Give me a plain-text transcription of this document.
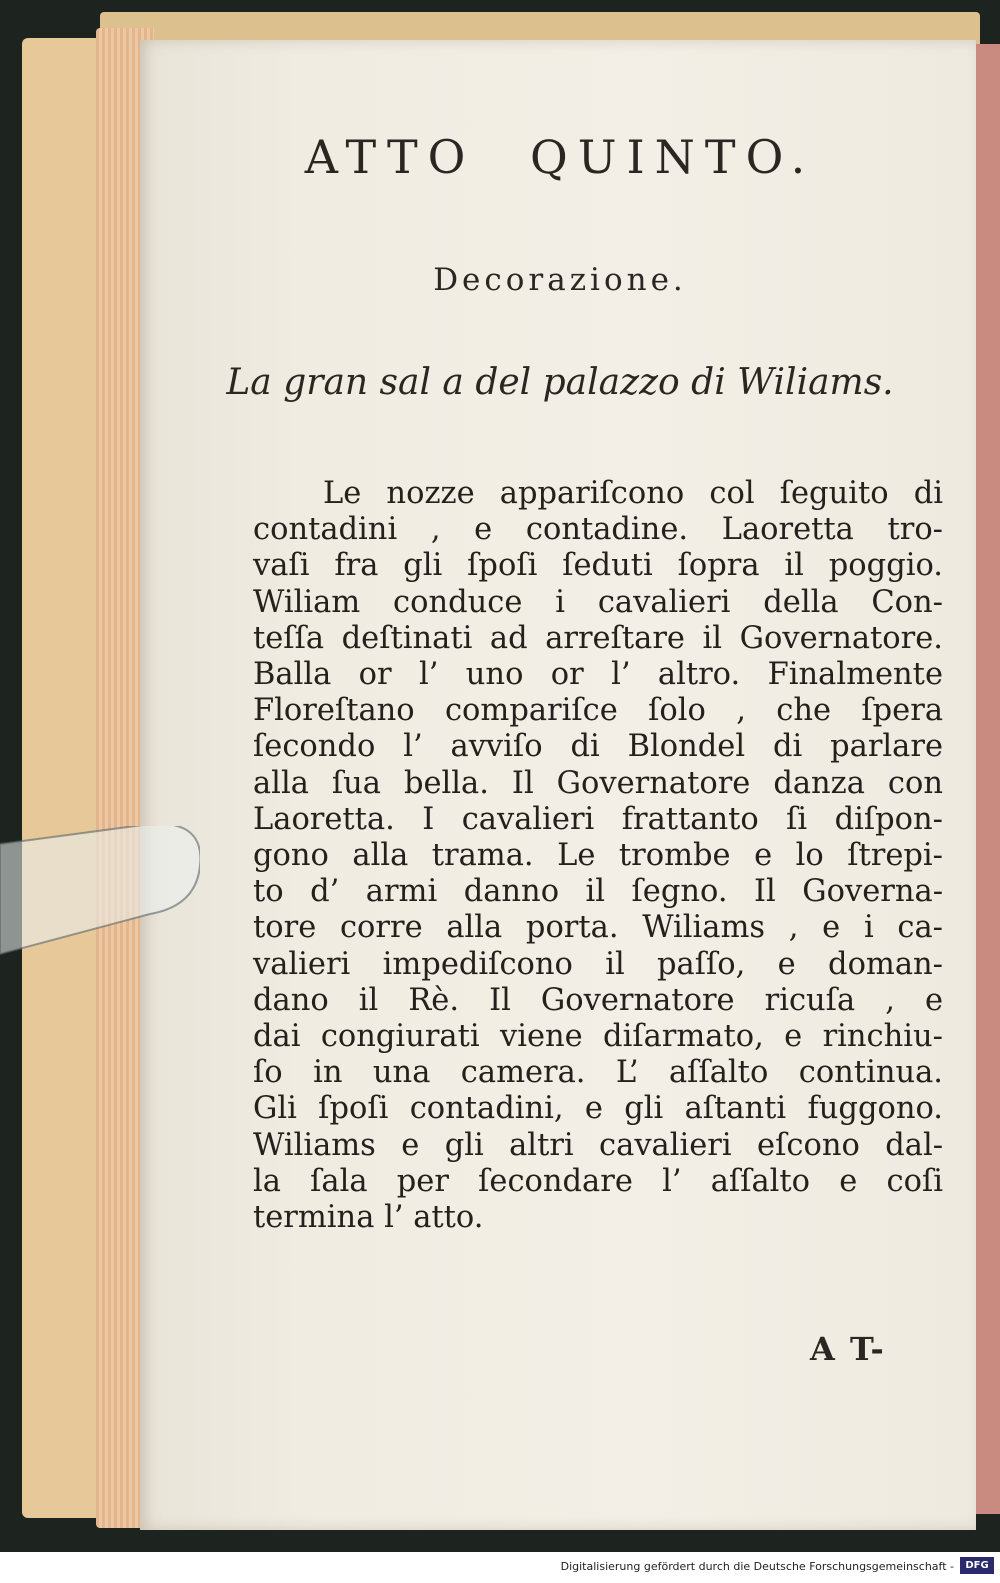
ATTO QUINTO.
Decorazione.
La gran sal a del palazzo di Wiliams.

Le nozze appariſcono col ſeguito di
contadini , e contadine. Laoretta tro-
vaſi fra gli ſpoſi ſeduti ſopra il poggio.
Wiliam conduce i cavalieri della Con-
teſſa deſtinati ad arreſtare il Governatore.
Balla or l’ uno or l’ altro. Finalmente
Floreſtano compariſce ſolo , che ſpera
ſecondo l’ avviſo di Blondel di parlare
alla ſua bella. Il Governatore danza con
Laoretta. I cavalieri frattanto ſi diſpon-
gono alla trama. Le trombe e lo ſtrepi-
to d’ armi danno il ſegno. Il Governa-
tore corre alla porta. Wiliams , e i ca-
valieri impediſcono il paſſo, e doman-
dano il Rè. Il Governatore ricuſa , e
dai congiurati viene diſarmato, e rinchiu-
ſo in una camera. L’ aſſalto continua.
Gli ſpoſi contadini, e gli aſtanti fuggono.
Wiliams e gli altri cavalieri eſcono dal-
la ſala per ſecondare l’ aſſalto e coſi
termina l’ atto.

A T-
Digitalisierung gefördert durch die Deutsche Forschungsgemeinschaft -	DFG
